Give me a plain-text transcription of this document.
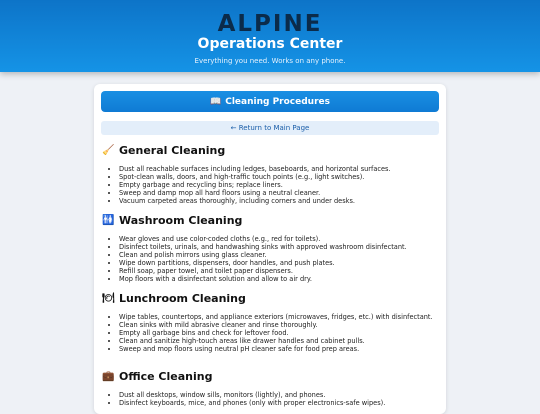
ALPINE
Operations Center
Everything you need. Works on any phone.
📖 Cleaning Procedures
← Return to Main Page
🧹 General Cleaning
• Dust all reachable surfaces including ledges, baseboards, and horizontal surfaces.
• Spot-clean walls, doors, and high-traffic touch points (e.g., light switches).
• Empty garbage and recycling bins; replace liners.
• Sweep and damp mop all hard floors using a neutral cleaner.
• Vacuum carpeted areas thoroughly, including corners and under desks.
🚻 Washroom Cleaning
• Wear gloves and use color-coded cloths (e.g., red for toilets).
• Disinfect toilets, urinals, and handwashing sinks with approved washroom disinfectant.
• Clean and polish mirrors using glass cleaner.
• Wipe down partitions, dispensers, door handles, and push plates.
• Refill soap, paper towel, and toilet paper dispensers.
• Mop floors with a disinfectant solution and allow to air dry.
🍽 Lunchroom Cleaning
• Wipe tables, countertops, and appliance exteriors (microwaves, fridges, etc.) with disinfectant.
• Clean sinks with mild abrasive cleaner and rinse thoroughly.
• Empty all garbage bins and check for leftover food.
• Clean and sanitize high-touch areas like drawer handles and cabinet pulls.
• Sweep and mop floors using neutral pH cleaner safe for food prep areas.
💼 Office Cleaning
• Dust all desktops, window sills, monitors (lightly), and phones.
• Disinfect keyboards, mice, and phones (only with proper electronics-safe wipes).
